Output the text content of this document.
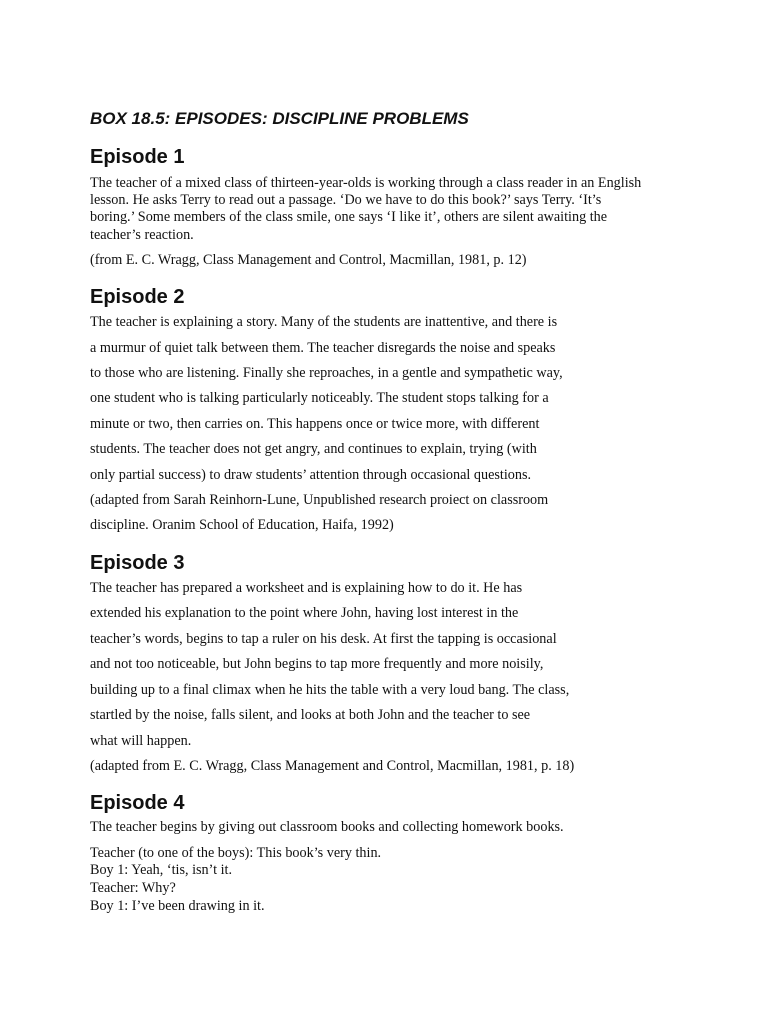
BOX 18.5: EPISODES: DISCIPLINE PROBLEMS
Episode 1

The teacher of a mixed class of thirteen-year-olds is working through a class reader in an English

lesson. He asks Terry to read out a passage. ‘Do we have to do this book?’ says Terry. ‘It’s

boring.’ Some members of the class smile, one says ‘I like it’, others are silent awaiting the

teacher’s reaction.

(from E. C. Wragg, Class Management and Control, Macmillan, 1981, p. 12)

Episode 2

The teacher is explaining a story. Many of the students are inattentive, and there is

a murmur of quiet talk between them. The teacher disregards the noise and speaks

to those who are listening. Finally she reproaches, in a gentle and sympathetic way,

one student who is talking particularly noticeably. The student stops talking for a

minute or two, then carries on. This happens once or twice more, with different

students. The teacher does not get angry, and continues to explain, trying (with

only partial success) to draw students’ attention through occasional questions.

(adapted from Sarah Reinhorn-Lune, Unpublished research proiect on classroom

discipline. Oranim School of Education, Haifa, 1992)

Episode 3

The teacher has prepared a worksheet and is explaining how to do it. He has

extended his explanation to the point where John, having lost interest in the

teacher’s words, begins to tap a ruler on his desk. At first the tapping is occasional

and not too noticeable, but John begins to tap more frequently and more noisily,

building up to a final climax when he hits the table with a very loud bang. The class,

startled by the noise, falls silent, and looks at both John and the teacher to see

what will happen.

(adapted from E. C. Wragg, Class Management and Control, Macmillan, 1981, p. 18)

Episode 4

The teacher begins by giving out classroom books and collecting homework books.

Teacher (to one of the boys): This book’s very thin.

Boy 1: Yeah, ‘tis, isn’t it.

Teacher: Why?

Boy 1: I’ve been drawing in it.
